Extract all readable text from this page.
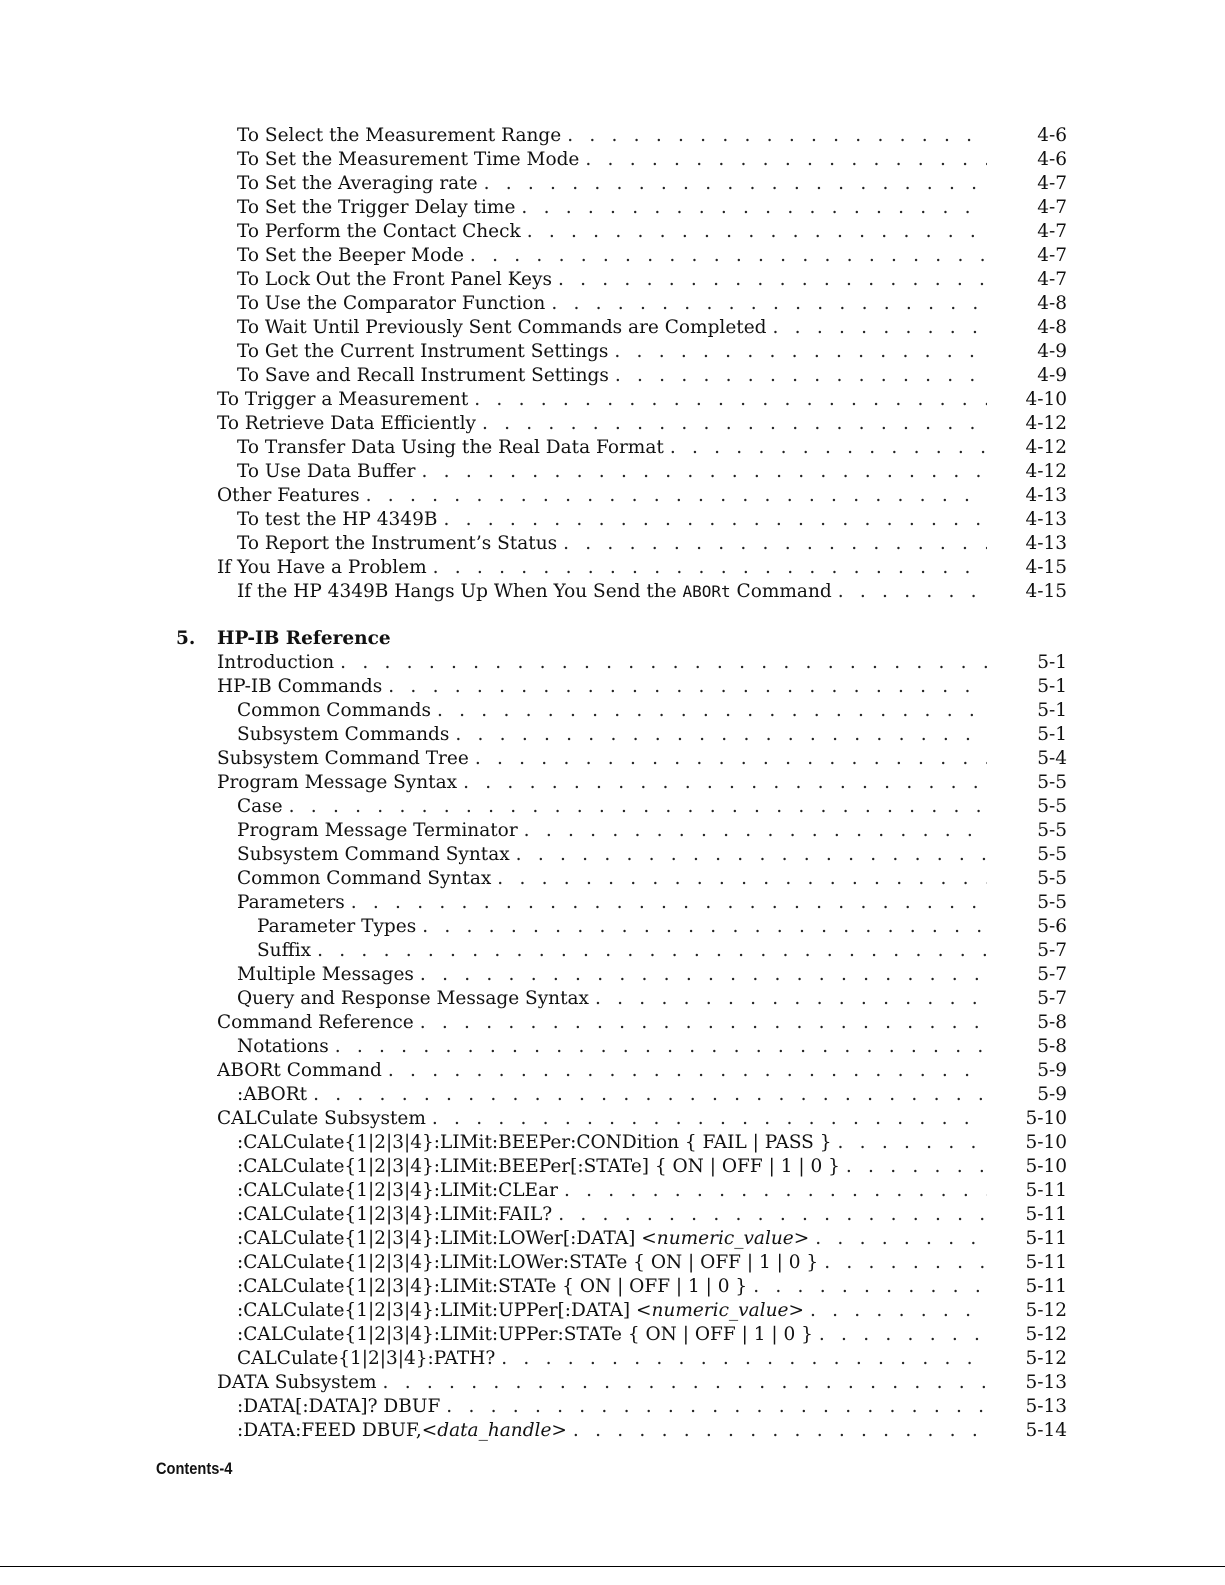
To Select the Measurement Range . . .	4-6
To Set the Measurement Time Mode . . .	4-6
To Set the Averaging rate . . .	4-7
To Set the Trigger Delay time . . .	4-7
To Perform the Contact Check . . .	4-7
To Set the Beeper Mode . . .	4-7
To Lock Out the Front Panel Keys . . .	4-7
To Use the Comparator Function . . .	4-8
To Wait Until Previously Sent Commands are Completed . . .	4-8
To Get the Current Instrument Settings . . .	4-9
To Save and Recall Instrument Settings . . .	4-9
To Trigger a Measurement . . .	4-10
To Retrieve Data Efficiently . . .	4-12
To Transfer Data Using the Real Data Format . . .	4-12
To Use Data Buffer . . .	4-12
Other Features . . .	4-13
To test the HP 4349B . . .	4-13
To Report the Instrument’s Status . . .	4-13
If You Have a Problem . . .	4-15
If the HP 4349B Hangs Up When You Send the ABORt Command . . .	4-15
5. HP-IB Reference
Introduction . . .	5-1
HP-IB Commands . . .	5-1
Common Commands . . .	5-1
Subsystem Commands . . .	5-1
Subsystem Command Tree . . .	5-4
Program Message Syntax . . .	5-5
Case . . .	5-5
Program Message Terminator . . .	5-5
Subsystem Command Syntax . . .	5-5
Common Command Syntax . . .	5-5
Parameters . . .	5-5
Parameter Types . . .	5-6
Suffix . . .	5-7
Multiple Messages . . .	5-7
Query and Response Message Syntax . . .	5-7
Command Reference . . .	5-8
Notations . . .	5-8
ABORt Command . . .	5-9
:ABORt . . .	5-9
CALCulate Subsystem . . .	5-10
:CALCulate{1|2|3|4}:LIMit:BEEPer:CONDition { FAIL | PASS } . . .	5-10
:CALCulate{1|2|3|4}:LIMit:BEEPer[:STATe] { ON | OFF | 1 | 0 } . . .	5-10
:CALCulate{1|2|3|4}:LIMit:CLEar . . .	5-11
:CALCulate{1|2|3|4}:LIMit:FAIL? . . .	5-11
:CALCulate{1|2|3|4}:LIMit:LOWer[:DATA] <numeric_value> . . .	5-11
:CALCulate{1|2|3|4}:LIMit:LOWer:STATe { ON | OFF | 1 | 0 } . . .	5-11
:CALCulate{1|2|3|4}:LIMit:STATe { ON | OFF | 1 | 0 } . . .	5-11
:CALCulate{1|2|3|4}:LIMit:UPPer[:DATA] <numeric_value> . . .	5-12
:CALCulate{1|2|3|4}:LIMit:UPPer:STATe { ON | OFF | 1 | 0 } . . .	5-12
CALCulate{1|2|3|4}:PATH? . . .	5-12
DATA Subsystem . . .	5-13
:DATA[:DATA]? DBUF . . .	5-13
:DATA:FEED DBUF,<data_handle> . . .	5-14
Contents-4
